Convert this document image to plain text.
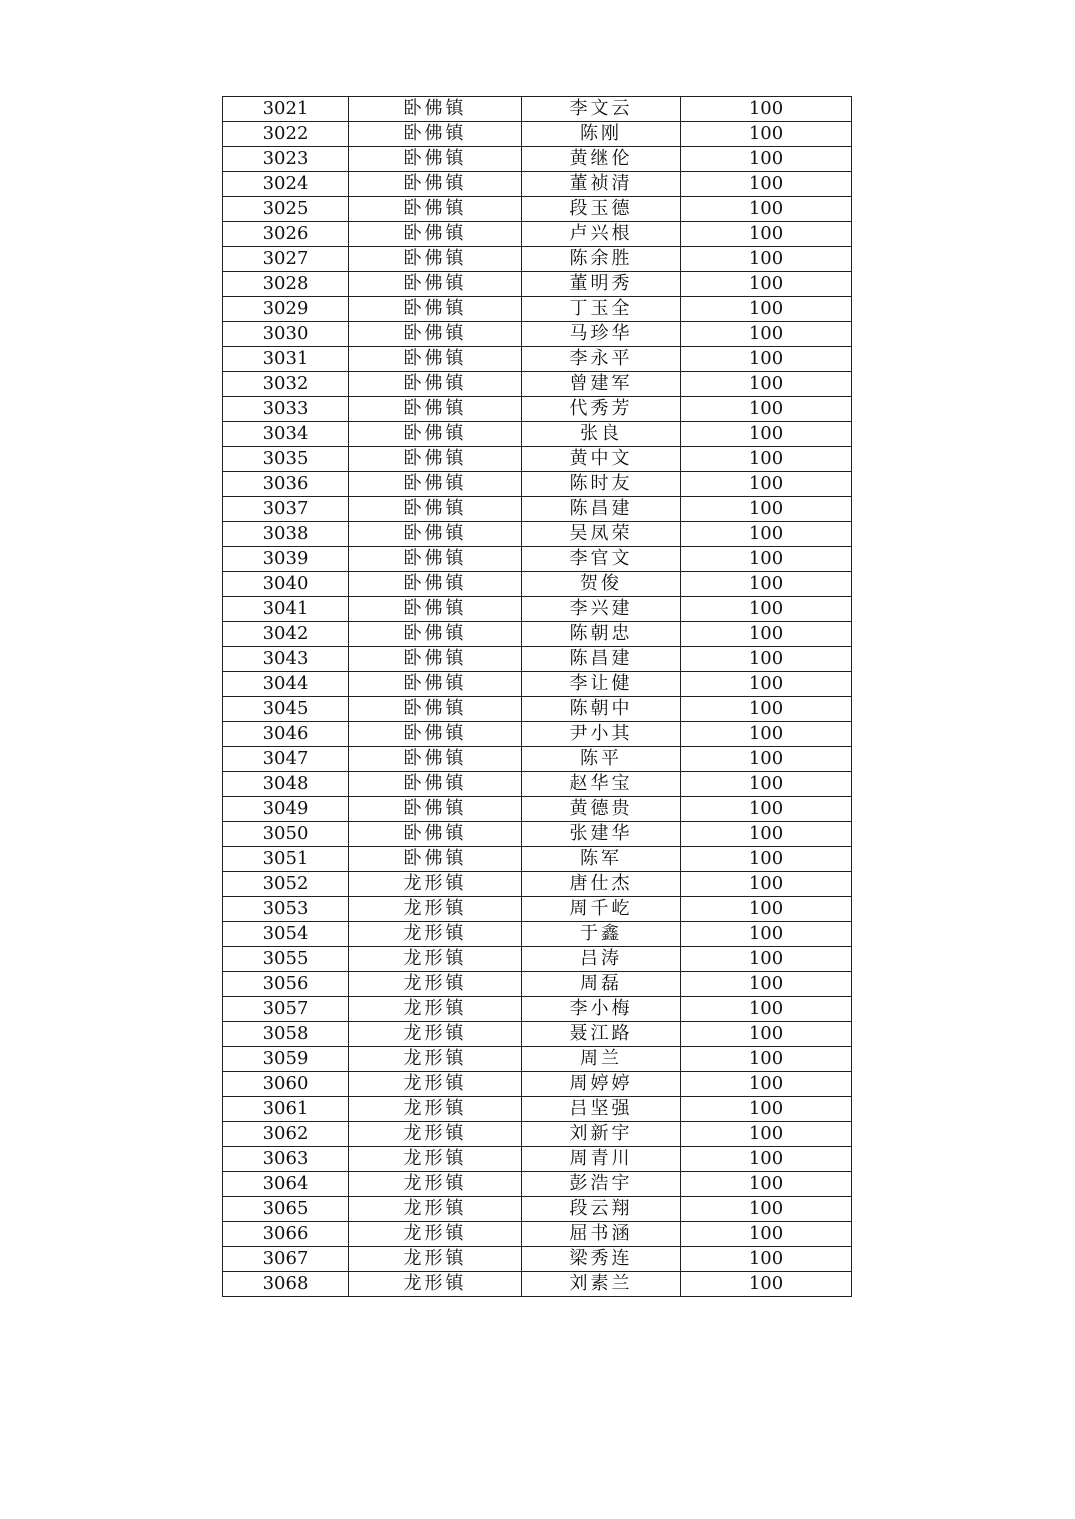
3021	卧佛镇	李文云	100
3022	卧佛镇	陈刚	100
3023	卧佛镇	黄继伦	100
3024	卧佛镇	董祯清	100
3025	卧佛镇	段玉德	100
3026	卧佛镇	卢兴根	100
3027	卧佛镇	陈余胜	100
3028	卧佛镇	董明秀	100
3029	卧佛镇	丁玉全	100
3030	卧佛镇	马珍华	100
3031	卧佛镇	李永平	100
3032	卧佛镇	曾建军	100
3033	卧佛镇	代秀芳	100
3034	卧佛镇	张良	100
3035	卧佛镇	黄中文	100
3036	卧佛镇	陈时友	100
3037	卧佛镇	陈昌建	100
3038	卧佛镇	吴凤荣	100
3039	卧佛镇	李官文	100
3040	卧佛镇	贺俊	100
3041	卧佛镇	李兴建	100
3042	卧佛镇	陈朝忠	100
3043	卧佛镇	陈昌建	100
3044	卧佛镇	李让健	100
3045	卧佛镇	陈朝中	100
3046	卧佛镇	尹小其	100
3047	卧佛镇	陈平	100
3048	卧佛镇	赵华宝	100
3049	卧佛镇	黄德贵	100
3050	卧佛镇	张建华	100
3051	卧佛镇	陈军	100
3052	龙形镇	唐仕杰	100
3053	龙形镇	周千屹	100
3054	龙形镇	于鑫	100
3055	龙形镇	吕涛	100
3056	龙形镇	周磊	100
3057	龙形镇	李小梅	100
3058	龙形镇	聂江路	100
3059	龙形镇	周兰	100
3060	龙形镇	周婷婷	100
3061	龙形镇	吕坚强	100
3062	龙形镇	刘新宇	100
3063	龙形镇	周青川	100
3064	龙形镇	彭浩宇	100
3065	龙形镇	段云翔	100
3066	龙形镇	屈书涵	100
3067	龙形镇	梁秀连	100
3068	龙形镇	刘素兰	100
